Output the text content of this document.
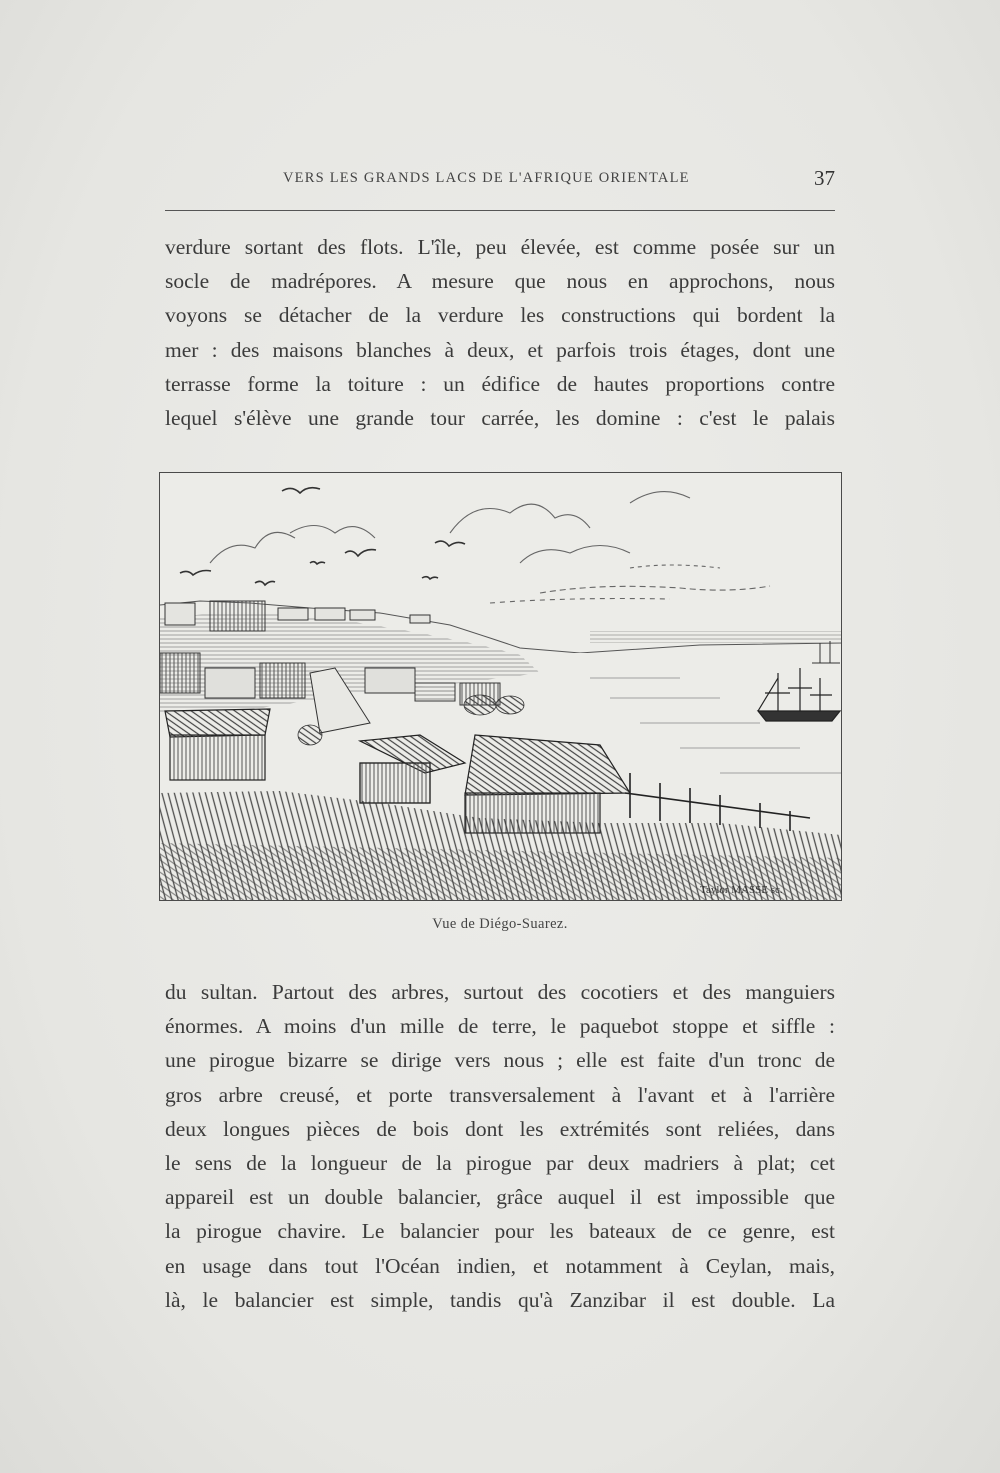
VERS LES GRANDS LACS DE L'AFRIQUE ORIENTALE	37

verdure sortant des flots. L'île, peu élevée, est comme posée sur un
socle de madrépores. A mesure que nous en approchons, nous
voyons se détacher de la verdure les constructions qui bordent la
mer : des maisons blanches à deux, et parfois trois étages, dont une
terrasse forme la toiture : un édifice de hautes proportions contre
lequel s'élève une grande tour carrée, les domine : c'est le palais

Taylor MASSE sc.
Vue de Diégo-Suarez.

du sultan. Partout des arbres, surtout des cocotiers et des manguiers
énormes. A moins d'un mille de terre, le paquebot stoppe et siffle :
une pirogue bizarre se dirige vers nous ; elle est faite d'un tronc de
gros arbre creusé, et porte transversalement à l'avant et à l'arrière
deux longues pièces de bois dont les extrémités sont reliées, dans
le sens de la longueur de la pirogue par deux madriers à plat; cet
appareil est un double balancier, grâce auquel il est impossible que
la pirogue chavire. Le balancier pour les bateaux de ce genre, est
en usage dans tout l'Océan indien, et notamment à Ceylan, mais,
là, le balancier est simple, tandis qu'à Zanzibar il est double. La
